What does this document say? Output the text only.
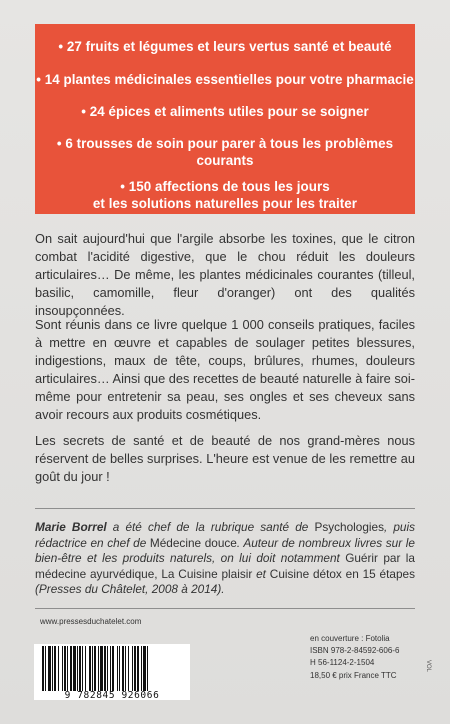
• 27 fruits et légumes et leurs vertus santé et beauté
• 14 plantes médicinales essentielles pour votre pharmacie
• 24 épices et aliments utiles pour se soigner
• 6 trousses de soin pour parer à tous les problèmes
courants
• 150 affections de tous les jours
et les solutions naturelles pour les traiter
On sait aujourd'hui que l'argile absorbe les toxines, que le citron combat l'acidité digestive, que le chou réduit les douleurs articulaires… De même, les plantes médicinales courantes (tilleul, basilic, camomille, fleur d'oranger) ont des qualités insoupçonnées.
Sont réunis dans ce livre quelque 1 000 conseils pratiques, faciles à mettre en œuvre et capables de soulager petites blessures, indigestions, maux de tête, coups, brûlures, rhumes, douleurs articulaires… Ainsi que des recettes de beauté naturelle à faire soi-même pour entretenir sa peau, ses ongles et ses cheveux sans avoir recours aux produits cosmétiques.
Les secrets de santé et de beauté de nos grand-mères nous réservent de belles surprises. L'heure est venue de les remettre au goût du jour !
Marie Borrel a été chef de la rubrique santé de Psychologies, puis rédactrice en chef de Médecine douce. Auteur de nombreux livres sur le bien-être et les produits naturels, on lui doit notamment Guérir par la médecine ayurvédique, La Cuisine plaisir et Cuisine détox en 15 étapes (Presses du Châtelet, 2008 à 2014).
www.pressesduchatelet.com
9 782845 926066
en couverture : Fotolia
ISBN 978-2-84592-606-6
H 56-1124-2-1504
18,50 € prix France TTC
VOL
